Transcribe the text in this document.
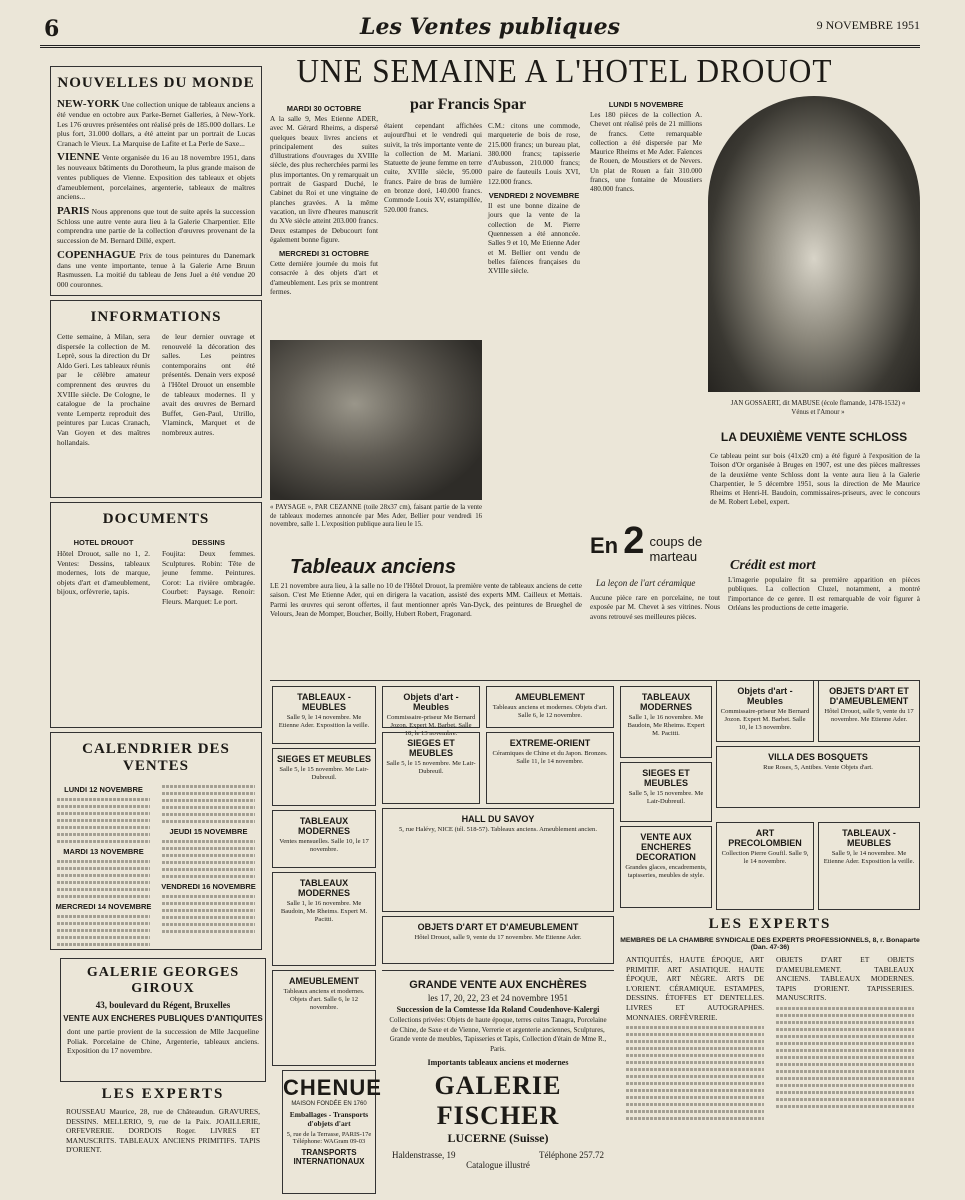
6	Les Ventes publiques	9 NOVEMBRE 1951
NOUVELLES DU MONDE

NEW-YORK Une collection unique de tableaux anciens a été vendue en octobre aux Parke-Bernet Galleries, à New-York. Les 176 œuvres présentées ont réalisé près de 185.000 dollars. Le plus fort, 31.000 dollars, a été atteint par un portrait de Lucas Cranach le Vieux. La Marquise de Lafite et La Perle de Saxe...

VIENNE Vente organisée du 16 au 18 novembre 1951, dans les nouveaux bâtiments du Dorotheum, la plus grande maison de ventes publiques de Vienne. Exposition des tableaux et objets d'ameublement, porcelaines, argenterie, tableaux de maîtres anciens...

PARIS Nous apprenons que tout de suite après la succession Schloss une autre vente aura lieu à la Galerie Charpentier. Elle comprendra une partie de la collection d'œuvres provenant de la succession de M. Bernard Dillé, expert.

COPENHAGUE Prix de tous peintures du Danemark dans une vente importante, tenue à la Galerie Arne Bruun Rasmussen. La moitié du tableau de Jens Juel a été vendue 20 000 couronnes.

INFORMATIONS
Cette semaine, à Milan, sera dispersée la collection de M. Leprè, sous la direction du Dr Aldo Geri. Les tableaux réunis par le célèbre amateur comprennent des œuvres du XVIIIe siècle. De Cologne, le catalogue de la prochaine vente Lempertz reproduit des peintures par Lucas Cranach, Van Goyen et des maîtres hollandais.
de leur dernier ouvrage et renouvelé la décoration des salles. Les peintres contemporains ont été présentés. Denain vers exposé à l'Hôtel Drouot un ensemble de tableaux modernes. Il y avait des œuvres de Bernard Buffet, Gen-Paul, Utrillo, Vlaminck, Marquet et de nombreux autres.
DOCUMENTS
HOTEL DROUOT
Hôtel Drouot, salle no 1, 2. Ventes: Dessins, tableaux modernes, lots de marque, objets d'art et d'ameublement, bijoux, orfèvrerie, tapis.
DESSINS
Foujita: Deux femmes. Sculptures. Robin: Tête de jeune femme. Peintures. Corot: La rivière ombragée. Courbet: Paysage. Renoir: Fleurs. Marquet: Le port.
CALENDRIER DES VENTES
LUNDI 12 NOVEMBRE
MARDI 13 NOVEMBRE
MERCREDI 14 NOVEMBRE
JEUDI 15 NOVEMBRE
VENDREDI 16 NOVEMBRE
GALERIE GEORGES GIROUX
43, boulevard du Régent, Bruxelles
VENTE AUX ENCHERES PUBLIQUES D'ANTIQUITES
dont une partie provient de la succession de Mlle Jacqueline Poliak. Porcelaine de Chine, Argenterie, tableaux anciens. Exposition du 17 novembre.
LES EXPERTS
ROUSSEAU Maurice, 28, rue de Châteaudun. GRAVURES, DESSINS. MELLERIO, 9, rue de la Paix. JOAILLERIE, ORFEVRERIE. DORDOIS Roger. LIVRES ET MANUSCRITS. TABLEAUX ANCIENS PRIMITIFS. TAPIS D'ORIENT.
UNE SEMAINE A L'HOTEL DROUOT
par Francis Spar
MARDI 30 OCTOBRE

A la salle 9, Mes Etienne ADER, avec M. Gérard Rheims, a dispersé quelques beaux livres anciens et principalement des suites d'illustrations d'ouvrages du XVIIIe siècle, des plus recherchées parmi les plus importantes. On y remarquait un portrait de Gaspard Duché, le Cabinet du Roi et une vingtaine de planches gravées. A la même vacation, un livre d'heures manuscrit du XVe siècle atteint 203.000 francs. Deux estampes de Debucourt font également bonne figure.

MERCREDI 31 OCTOBRE

Cette dernière journée du mois fut consacrée à des objets d'art et d'ameublement. Les prix se montrent fermes.

étaient cependant affichées aujourd'hui et le vendredi qui suivit, la très importante vente de la collection de M. Mariani. Statuette de jeune femme en terre cuite, XVIIIe siècle, 95.000 francs. Paire de bras de lumière en bronze doré, 140.000 francs. Commode Louis XV, estampillée, 520.000 francs.

C.M.: citons une commode, marqueterie de bois de rose, 215.000 francs; un bureau plat, 380.000 francs; tapisserie d'Aubusson, 210.000 francs; paire de fauteuils Louis XVI, 122.000 francs.

VENDREDI 2 NOVEMBRE

Il est une bonne dizaine de jours que la vente de la collection de M. Pierre Quennessen a été annoncée. Salles 9 et 10, Me Etienne Ader et M. Bellier ont vendu de belles faïences françaises du XVIIIe siècle.

LUNDI 5 NOVEMBRE

Les 180 pièces de la collection A. Chevet ont réalisé près de 21 millions de francs. Cette remarquable collection a été dispersée par Me Maurice Rheims et Me Ader. Faïences de Rouen, de Moustiers et de Nevers. Un plat de Rouen a fait 310.000 francs, une fontaine de Moustiers 480.000 francs.

« PAYSAGE », PAR CEZANNE (toile 28x37 cm), faisant partie de la vente de tableaux modernes annoncée par Mes Ader, Bellier pour vendredi 16 novembre, salle 1. L'exposition publique aura lieu le 15.
Tableaux anciens
LE 21 novembre aura lieu, à la salle no 10 de l'Hôtel Drouot, la première vente de tableaux anciens de cette saison. C'est Me Etienne Ader, qui en dirigera la vacation, assisté des experts MM. Cailleux et Mettais. Parmi les œuvres qui seront offertes, il faut mentionner après Van-Dyck, des peintures de Brueghel de Velours, Jean de Momper, Boucher, Boilly, Hubert Robert, Fragonard.
En 2 coups de marteau
La leçon de l'art céramique
Aucune pièce rare en porcelaine, ne tout exposée par M. Chevet à ses vitrines. Nous avons retrouvé ses meilleures pièces.
JAN GOSSAERT, dit MABUSE (école flamande, 1478-1532) « Vénus et l'Amour »
LA DEUXIÈME VENTE SCHLOSS
Ce tableau peint sur bois (41x20 cm) a été figuré à l'exposition de la Toison d'Or organisée à Bruges en 1907, est une des pièces maîtresses de la deuxième vente Schloss dont la vente aura lieu à la Galerie Charpentier, le 5 décembre 1951, sous la direction de Me Maurice Rheims et Henri-H. Baudoin, commissaires-priseurs, avec le concours de M. Robert Lebel, expert.
Crédit est mort
L'imagerie populaire fit sa première apparition en pièces publiques. La collection Cluzel, notamment, a montré l'importance de ce genre. Il est remarquable de voir figurer à Orléans les productions de cette imagerie.
TABLEAUX - MEUBLES
Salle 9, le 14 novembre. Me Etienne Ader. Exposition la veille.
SIEGES ET MEUBLES
Salle 5, le 15 novembre. Me Lair-Dubreuil.
TABLEAUX MODERNES
Ventes mensuelles. Salle 10, le 17 novembre.
TABLEAUX MODERNES
Salle 1, le 16 novembre. Me Baudoin, Me Rheims. Expert M. Pacitti.
AMEUBLEMENT
Tableaux anciens et modernes. Objets d'art. Salle 6, le 12 novembre.
Objets d'art - Meubles
Commissaire-priseur Me Bernard Jozon. Expert M. Barbet. Salle 10, le 13 novembre.
SIEGES ET MEUBLES
Salle 5, le 15 novembre. Me Lair-Dubreuil.
AMEUBLEMENT
Tableaux anciens et modernes. Objets d'art. Salle 6, le 12 novembre.
EXTREME-ORIENT
Céramiques de Chine et du Japon. Bronzes. Salle 11, le 14 novembre.
HALL DU SAVOY
5, rue Halévy, NICE (tél. 518-57). Tableaux anciens. Ameublement ancien.
OBJETS D'ART ET D'AMEUBLEMENT
Hôtel Drouot, salle 9, vente du 17 novembre. Me Etienne Ader.
TABLEAUX MODERNES
Salle 1, le 16 novembre. Me Baudoin, Me Rheims. Expert M. Pacitti.
SIEGES ET MEUBLES
Salle 5, le 15 novembre. Me Lair-Dubreuil.
VENTE AUX ENCHERES DECORATION
Grandes glaces, encadrements, tapisseries, meubles de style.
Objets d'art - Meubles
Commissaire-priseur Me Bernard Jozon. Expert M. Barbet. Salle 10, le 13 novembre.
OBJETS D'ART ET D'AMEUBLEMENT
Hôtel Drouot, salle 9, vente du 17 novembre. Me Etienne Ader.
VILLA DES BOSQUETS
Rue Roses, 5, Antibes. Vente Objets d'art.
ART PRECOLOMBIEN
Collection Pierre Goufil. Salle 9, le 14 novembre.
TABLEAUX - MEUBLES
Salle 9, le 14 novembre. Me Etienne Ader. Exposition la veille.
GRANDE VENTE AUX ENCHÈRES
les 17, 20, 22, 23 et 24 novembre 1951
Succession de la Comtesse Ida Roland Coudenhove-Kalergi
Collections privées: Objets de haute époque, terres cuites Tanagra, Porcelaine de Chine, de Saxe et de Vienne, Verrerie et argenterie anciennes, Sculptures, Grande vente de meubles, Tapisseries et Tapis, Collection d'étain de Mme R., Paris.
Importants tableaux anciens et modernes
GALERIE FISCHER
LUCERNE (Suisse)
Haldenstrasse, 19	Téléphone 257.72
Catalogue illustré
CHENUE
MAISON FONDÉE EN 1760
Emballages - Transports
d'objets d'art
5, rue de la Terrasse, PARIS-17e
Téléphone: WAGram 09-03
TRANSPORTS
INTERNATIONAUX
LES EXPERTS
MEMBRES DE LA CHAMBRE SYNDICALE DES EXPERTS PROFESSIONNELS, 8, r. Bonaparte (Dan. 47-36)
ANTIQUITÉS, HAUTE ÉPOQUE, ART PRIMITIF. ART ASIATIQUE. HAUTE ÉPOQUE, ART NÈGRE. ARTS DE L'ORIENT. CÉRAMIQUE. ESTAMPES, DESSINS. ÉTOFFES ET DENTELLES. LIVRES ET AUTOGRAPHES. MONNAIES. ORFÈVRERIE.
OBJETS D'ART ET OBJETS D'AMEUBLEMENT. TABLEAUX ANCIENS. TABLEAUX MODERNES. TAPIS D'ORIENT. TAPISSERIES. MANUSCRITS.
